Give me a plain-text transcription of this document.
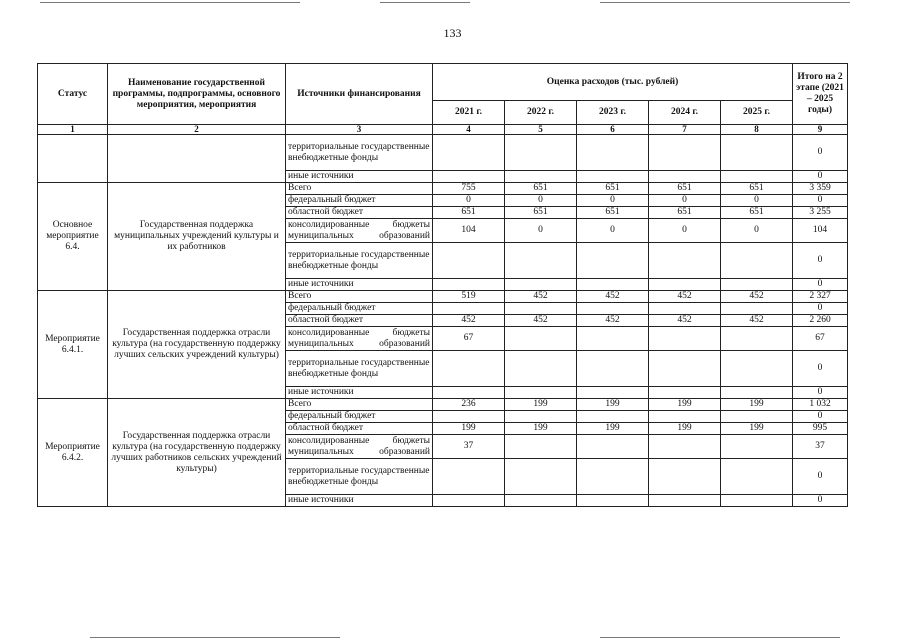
133
Статус	Наименование государственной программы, подпрограммы, основного мероприятия, мероприятия	Источники финансирования	Оценка расходов (тыс. рублей)					Итого на 2 этапе (2021 – 2025 годы)
			2021 г.	2022 г.	2023 г.	2024 г.	2025 г.	
1	2	3	4	5	6	7	8	9
		территориальные государственные внебюджетные фонды						0
		иные источники						0
Основное мероприятие 6.4.	Государственная поддержка муниципальных учреждений культуры и их работников	Всего	755	651	651	651	651	3 359
		федеральный бюджет	0	0	0	0	0	0
		областной бюджет	651	651	651	651	651	3 255
		консолидированные бюджеты муниципальных образований	104	0	0	0	0	104
		территориальные государственные внебюджетные фонды						0
		иные источники						0
Мероприятие 6.4.1.	Государственная поддержка отрасли культура (на государственную поддержку лучших сельских учреждений культуры)	Всего	519	452	452	452	452	2 327
		федеральный бюджет						0
		областной бюджет	452	452	452	452	452	2 260
		консолидированные бюджеты муниципальных образований	67					67
		территориальные государственные внебюджетные фонды						0
		иные источники						0
Мероприятие 6.4.2.	Государственная поддержка отрасли культура (на государственную поддержку лучших работников сельских учреждений культуры)	Всего	236	199	199	199	199	1 032
		федеральный бюджет						0
		областной бюджет	199	199	199	199	199	995
		консолидированные бюджеты муниципальных образований	37					37
		территориальные государственные внебюджетные фонды						0
		иные источники						0
